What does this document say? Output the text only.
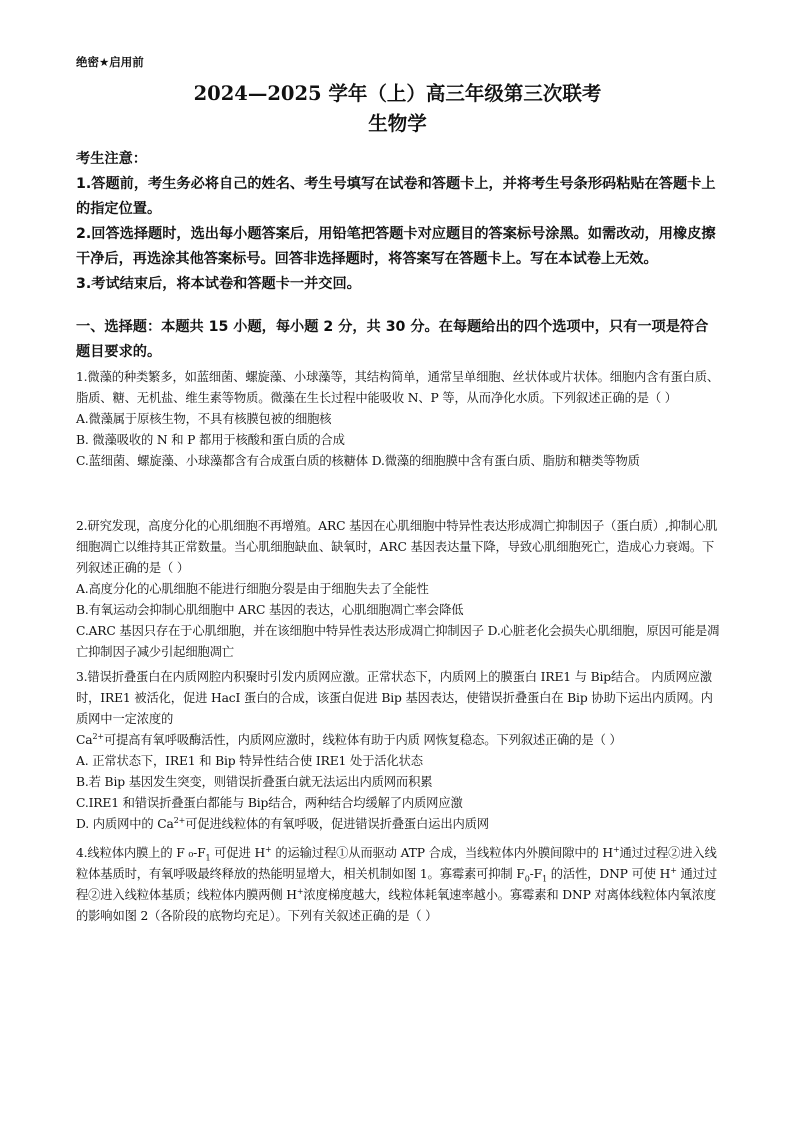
绝密★启用前
2024—2025 学年（上）高三年级第三次联考
生物学

考生注意：

1.答题前，考生务必将自己的姓名、考生号填写在试卷和答题卡上，并将考生号条形码粘贴在答题卡上 的指定位置。

2.回答选择题时，选出每小题答案后，用铅笔把答题卡对应题目的答案标号涂黑。如需改动，用橡皮擦 干净后，再选涂其他答案标号。回答非选择题时，将答案写在答题卡上。写在本试卷上无效。

3.考试结束后，将本试卷和答题卡一并交回。

一、选择题：本题共 15 小题，每小题 2 分，共 30 分。在每题给出的四个选项中，只有一项是符合题目要求的。

1.微藻的种类繁多，如蓝细菌、螺旋藻、小球藻等，其结构简单，通常呈单细胞、丝状体或片状体。细胞内含有蛋白质、脂质、糖、无机盐、维生素等物质。微藻在生长过程中能吸收 N、P 等，从而净化水质。下列叙述正确的是（ ）

A.微藻属于原核生物，不具有核膜包被的细胞核

B. 微藻吸收的 N 和 P 都用于核酸和蛋白质的合成

C.蓝细菌、螺旋藻、小球藻都含有合成蛋白质的核糖体 D.微藻的细胞膜中含有蛋白质、脂肪和糖类等物质

2.研究发现，高度分化的心肌细胞不再增殖。ARC 基因在心肌细胞中特异性表达形成凋亡抑制因子（蛋白质）,抑制心肌细胞凋亡以维持其正常数量。当心肌细胞缺血、缺氧时，ARC 基因表达量下降，导致心肌细胞死亡，造成心力衰竭。下列叙述正确的是（ ）

A.高度分化的心肌细胞不能进行细胞分裂是由于细胞失去了全能性

B.有氧运动会抑制心肌细胞中 ARC 基因的表达，心肌细胞凋亡率会降低

C.ARC 基因只存在于心肌细胞，并在该细胞中特异性表达形成凋亡抑制因子 D.心脏老化会损失心肌细胞，原因可能是凋亡抑制因子减少引起细胞凋亡

3.错误折叠蛋白在内质网腔内积聚时引发内质网应激。正常状态下，内质网上的膜蛋白 IRE1 与 Bip结合。 内质网应激时，IRE1 被活化，促进 HacI 蛋白的合成，该蛋白促进 Bip 基因表达，使错误折叠蛋白在 Bip 协助下运出内质网。内质网中一定浓度的 $Ca^{2+}$可提高有氧呼吸酶活性，内质网应激时，线粒体有助于内质 网恢复稳态。下列叙述正确的是（ ）

A. 正常状态下，IRE1 和 Bip 特异性结合使 IRE1 处于活化状态

B.若 Bip 基因发生突变，则错误折叠蛋白就无法运出内质网而积累

C.IRE1 和错误折叠蛋白都能与 Bip结合，两种结合均缓解了内质网应激

D. 内质网中的 $Ca^{2+}$可促进线粒体的有氧呼吸，促进错误折叠蛋白运出内质网

4.线粒体内膜上的 F $_0-F_1$ 可促进 H+ 的运输过程①从而驱动 ATP 合成，当线粒体内外膜间隙中的 H+通过过程②进入线粒体基质时，有氧呼吸最终释放的热能明显增大，相关机制如图 1。寡霉素可抑制 $F_0-F_1$ 的活性，DNP 可使 H+ 通过过程②进入线粒体基质；线粒体内膜两侧 H+浓度梯度越大，线粒体耗氧速率越小。寡霉素和 DNP 对离体线粒体内氧浓度的影响如图 2（各阶段的底物均充足）。下列有关叙述正确的是（ ）
